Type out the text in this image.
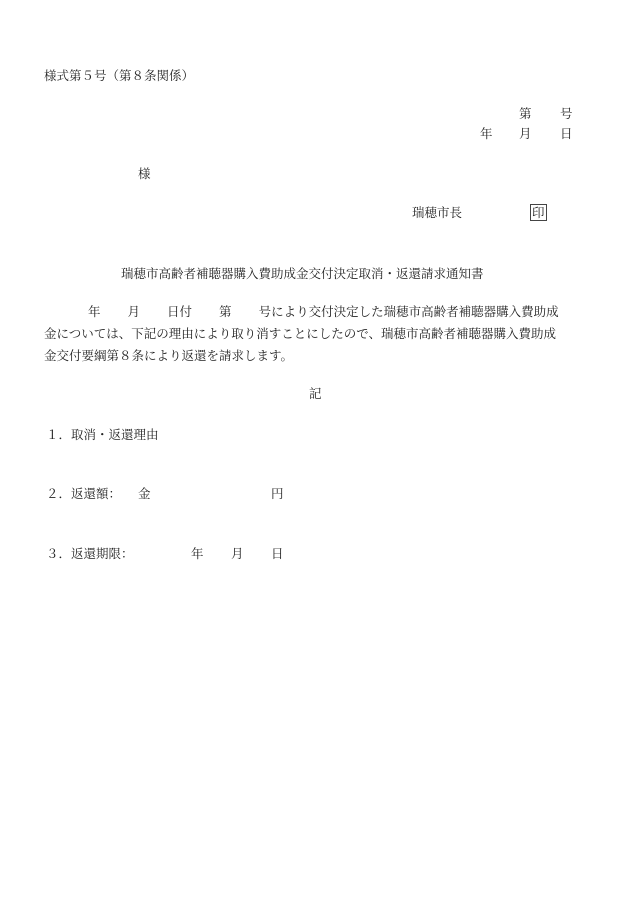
様式第５号（第８条関係）
第 号
年 月 日
様
瑞穂市長	印
瑞穂市高齢者補聴器購入費助成金交付決定取消・返還請求通知書
年 月 日付 第 号により交付決定した瑞穂市高齢者補聴器購入費助成
金については、下記の理由により取り消すことにしたので、瑞穂市高齢者補聴器購入費助成
金交付要綱第８条により返還を請求します。
記
１．取消・返還理由
２．返還額： 金	円
３．返還期限：	年 月 日
